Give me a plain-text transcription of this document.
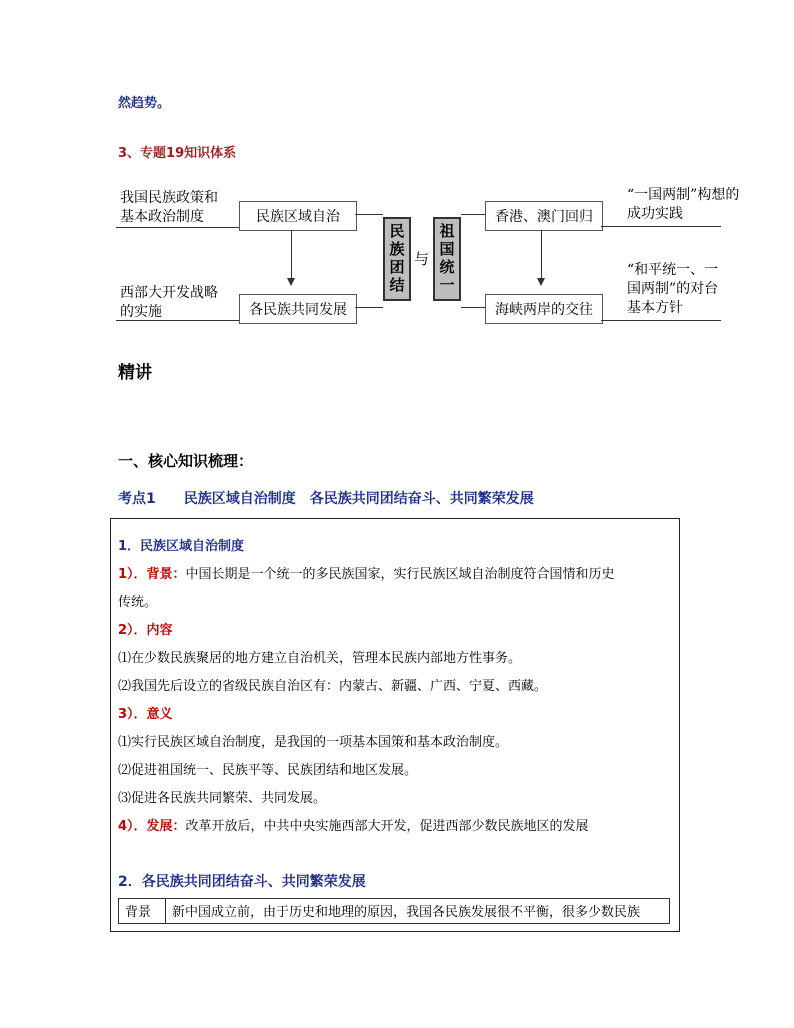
然趋势。
3、专题19知识体系
我国民族政策和
基本政治制度
西部大开发战略
的实施
民族区域自治
各民族共同发展
民族团结 与 祖国统一
香港、澳门回归
海峡两岸的交往
“一国两制”构想的
成功实践
“和平统一、一
国两制”的对台
基本方针
精讲
一、核心知识梳理：
考点1　　民族区域自治制度　各民族共同团结奋斗、共同繁荣发展
1．民族区域自治制度
1）．背景：中国长期是一个统一的多民族国家，实行民族区域自治制度符合国情和历史
传统。
2）．内容
⑴在少数民族聚居的地方建立自治机关，管理本民族内部地方性事务。
⑵我国先后设立的省级民族自治区有：内蒙古、新疆、广西、宁夏、西藏。
3）．意义
⑴实行民族区域自治制度，是我国的一项基本国策和基本政治制度。
⑵促进祖国统一、民族平等、民族团结和地区发展。
⑶促进各民族共同繁荣、共同发展。
4）．发展：改革开放后，中共中央实施西部大开发，促进西部少数民族地区的发展
2．各民族共同团结奋斗、共同繁荣发展
背景	新中国成立前，由于历史和地理的原因，我国各民族发展很不平衡，很多少数民族
